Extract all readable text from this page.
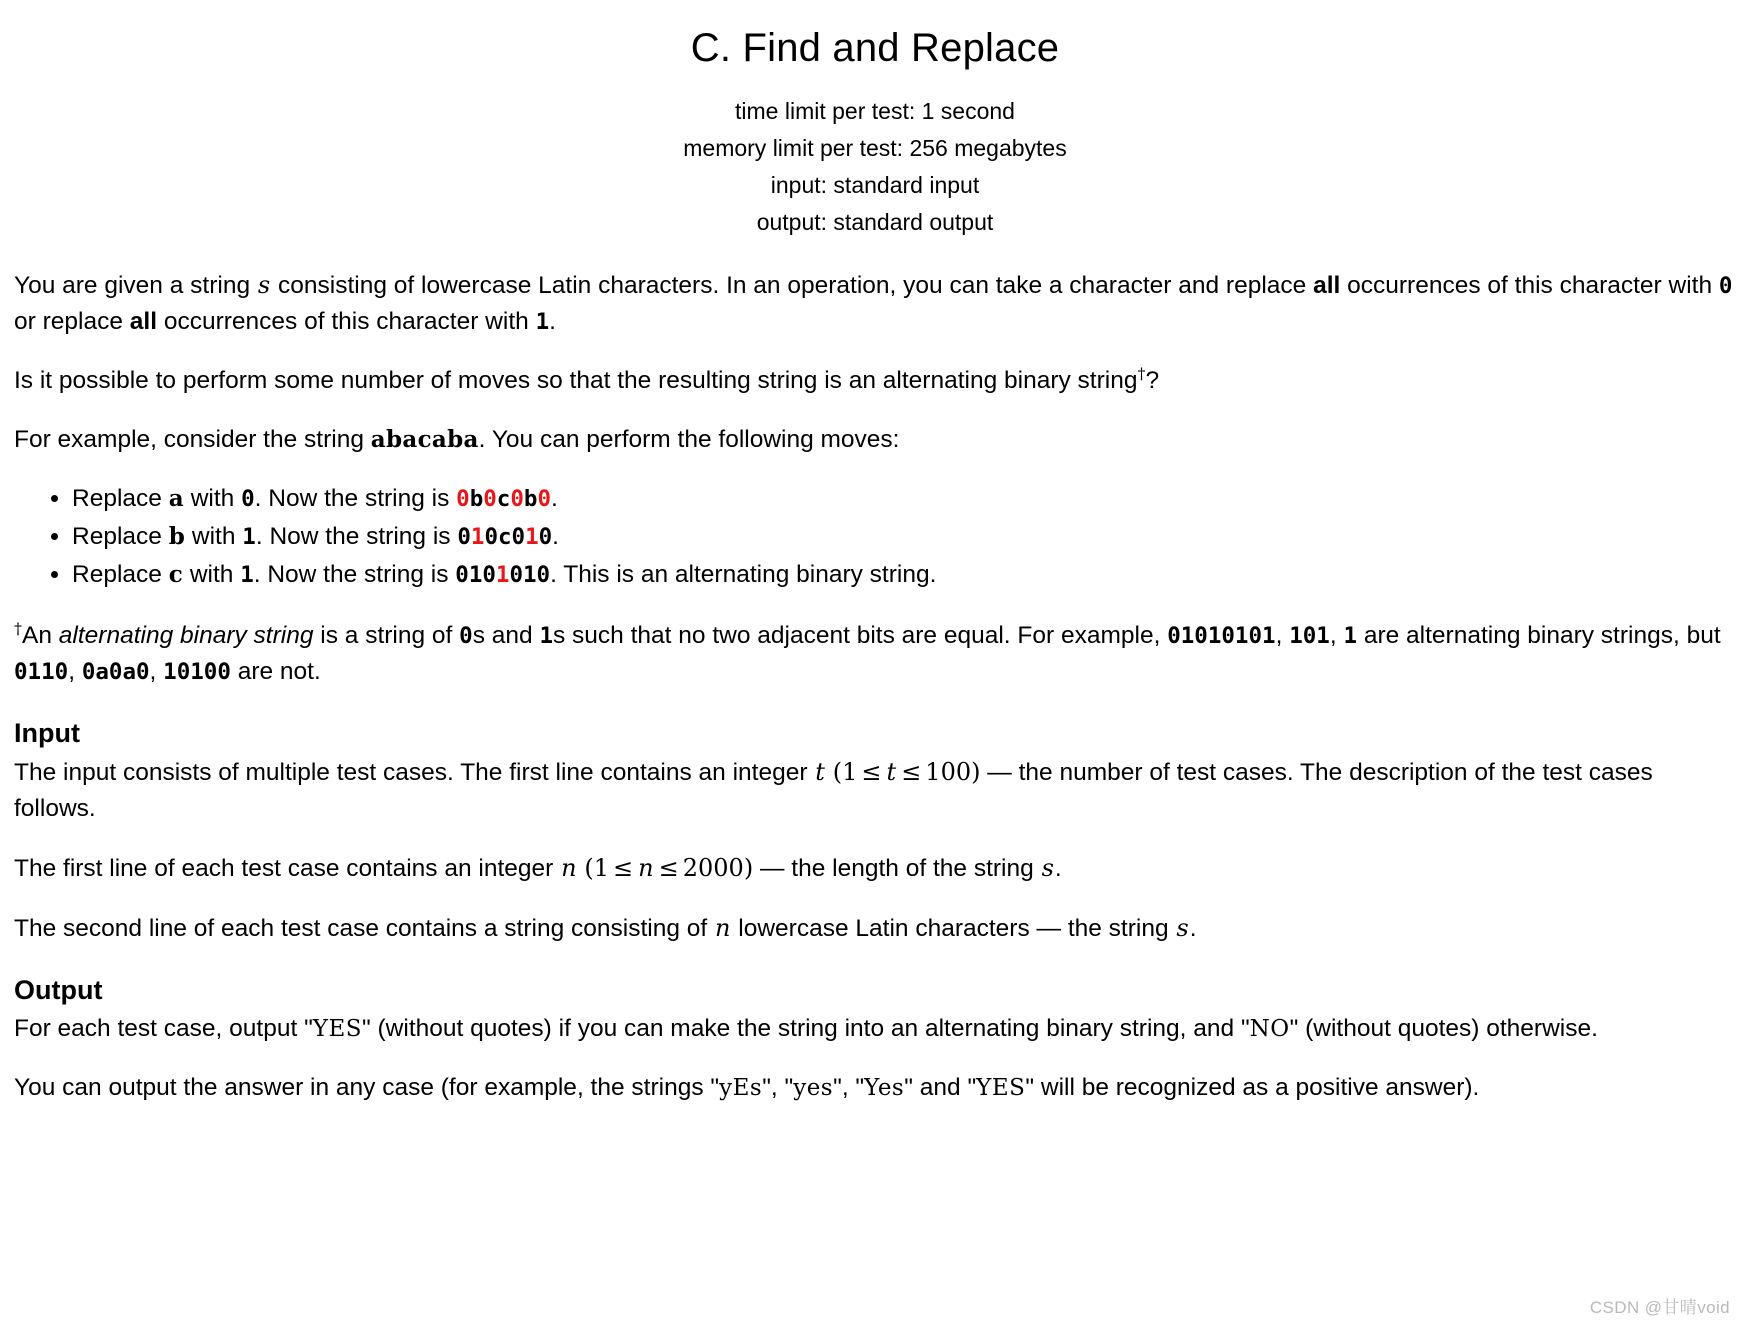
C. Find and Replace
time limit per test: 1 second
memory limit per test: 256 megabytes
input: standard input
output: standard output

You are given a string s consisting of lowercase Latin characters. In an operation, you can take a character and replace all occurrences of this character with 0 or replace all occurrences of this character with 1.

Is it possible to perform some number of moves so that the resulting string is an alternating binary string†?

For example, consider the string abacaba. You can perform the following moves:

• Replace a with 0. Now the string is 0b0c0b0.
• Replace b with 1. Now the string is 010c010.
• Replace c with 1. Now the string is 0101010. This is an alternating binary string.

†An alternating binary string is a string of 0s and 1s such that no two adjacent bits are equal. For example, 01010101, 101, 1 are alternating binary strings, but 0110, 0a0a0, 10100 are not.

Input

The input consists of multiple test cases. The first line contains an integer t (1 ≤ t ≤ 100) — the number of test cases. The description of the test cases follows.

The first line of each test case contains an integer n (1 ≤ n ≤ 2000) — the length of the string s.

The second line of each test case contains a string consisting of n lowercase Latin characters — the string s.

Output

For each test case, output "YES" (without quotes) if you can make the string into an alternating binary string, and "NO" (without quotes) otherwise.

You can output the answer in any case (for example, the strings "yEs", "yes", "Yes" and "YES" will be recognized as a positive answer).

CSDN @甘晴void
